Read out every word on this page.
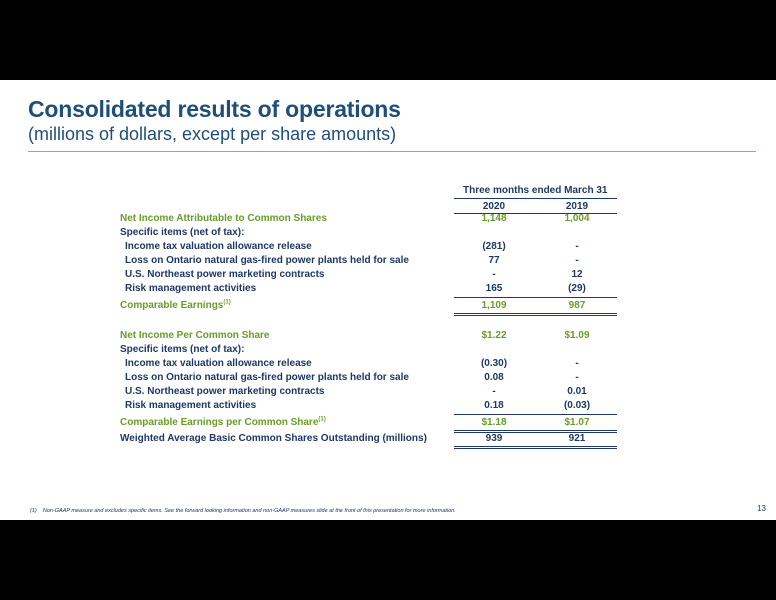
Consolidated results of operations
(millions of dollars, except per share amounts)
Three months ended March 31
2020	2019
Net Income Attributable to Common Shares	1,148	1,004
Specific items (net of tax):
Income tax valuation allowance release	(281)	-
Loss on Ontario natural gas-fired power plants held for sale	77	-
U.S. Northeast power marketing contracts	-	12
Risk management activities	165	(29)
Comparable Earnings$^{(1)}$	1,109	987
Net Income Per Common Share	$1.22	$1.09
Specific items (net of tax):
Income tax valuation allowance release	(0.30)	-
Loss on Ontario natural gas-fired power plants held for sale	0.08	-
U.S. Northeast power marketing contracts	-	0.01
Risk management activities	0.18	(0.03)
Comparable Earnings per Common Share$^{(1)}$	$1.18	$1.07
Weighted Average Basic Common Shares Outstanding (millions)	939	921
(1) Non-GAAP measure and excludes specific items. See the forward looking information and non-GAAP measures slide at the front of this presentation for more information.	13
